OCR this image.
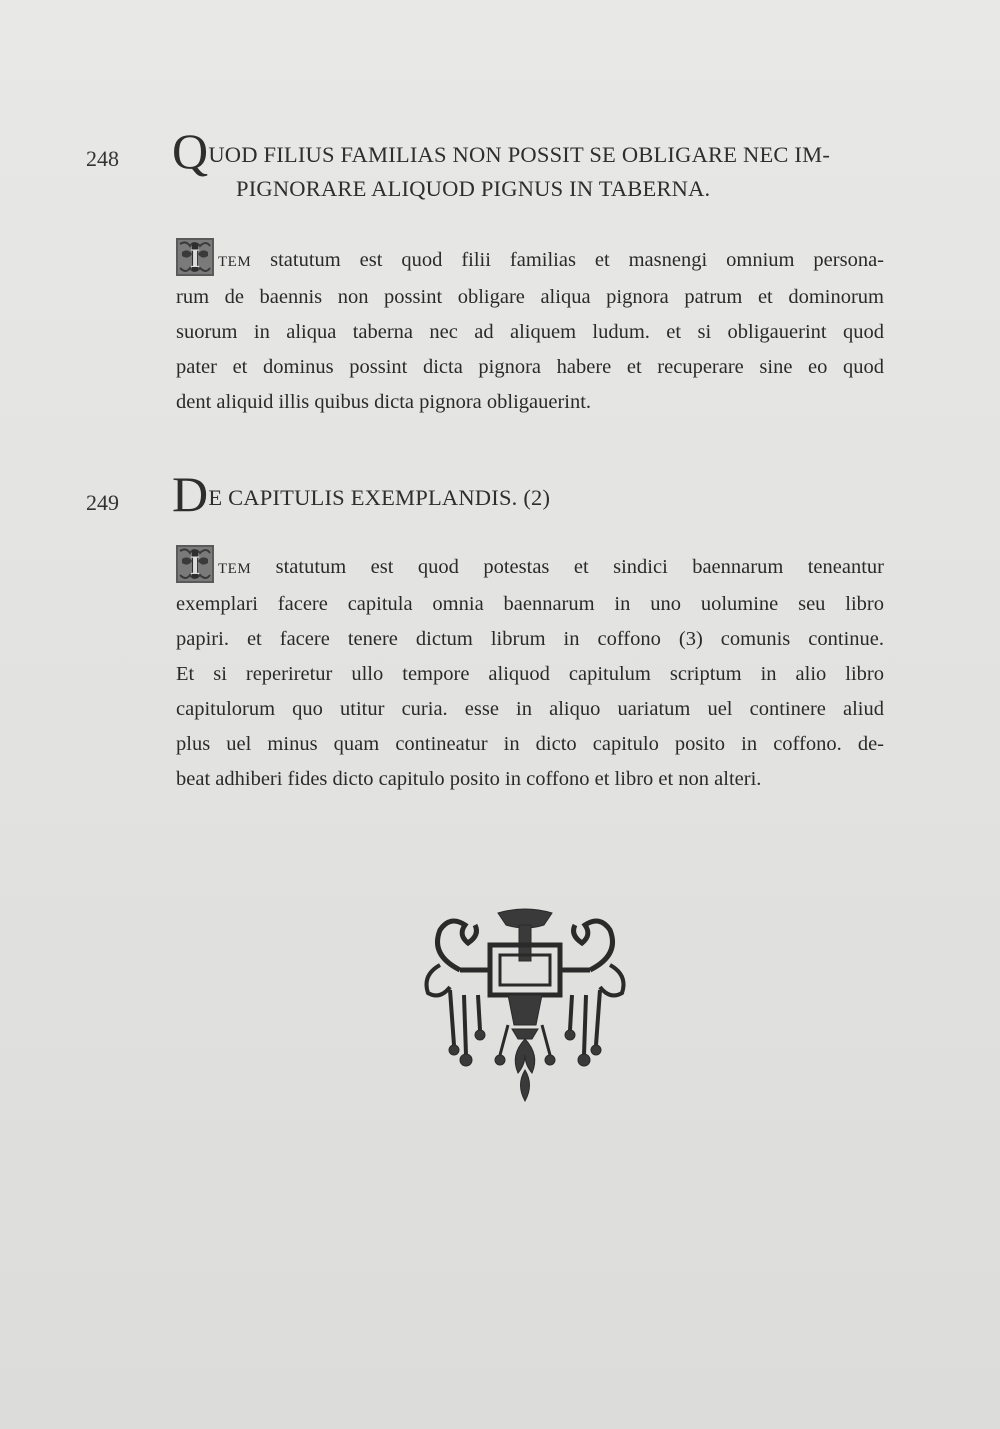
248 QUOD FILIUS FAMILIAS NON POSSIT SE OBLIGARE NEC IM-
PIGNORARE ALIQUOD PIGNUS IN TABERNA.
I TEM statutum est quod filii familias et masnengi omnium persona-
rum de baennis non possint obligare aliqua pignora patrum et dominorum
suorum in aliqua taberna nec ad aliquem ludum. et si obligauerint quod
pater et dominus possint dicta pignora habere et recuperare sine eo quod
dent aliquid illis quibus dicta pignora obligauerint.
249 DE CAPITULIS EXEMPLANDIS. (2)
I TEM statutum est quod potestas et sindici baennarum teneantur
exemplari facere capitula omnia baennarum in uno uolumine seu libro
papiri. et facere tenere dictum librum in coffono (3) comunis continue.
Et si reperiretur ullo tempore aliquod capitulum scriptum in alio libro
capitulorum quo utitur curia. esse in aliquo uariatum uel continere aliud
plus uel minus quam contineatur in dicto capitulo posito in coffono. de-
beat adhiberi fides dicto capitulo posito in coffono et libro et non alteri.
